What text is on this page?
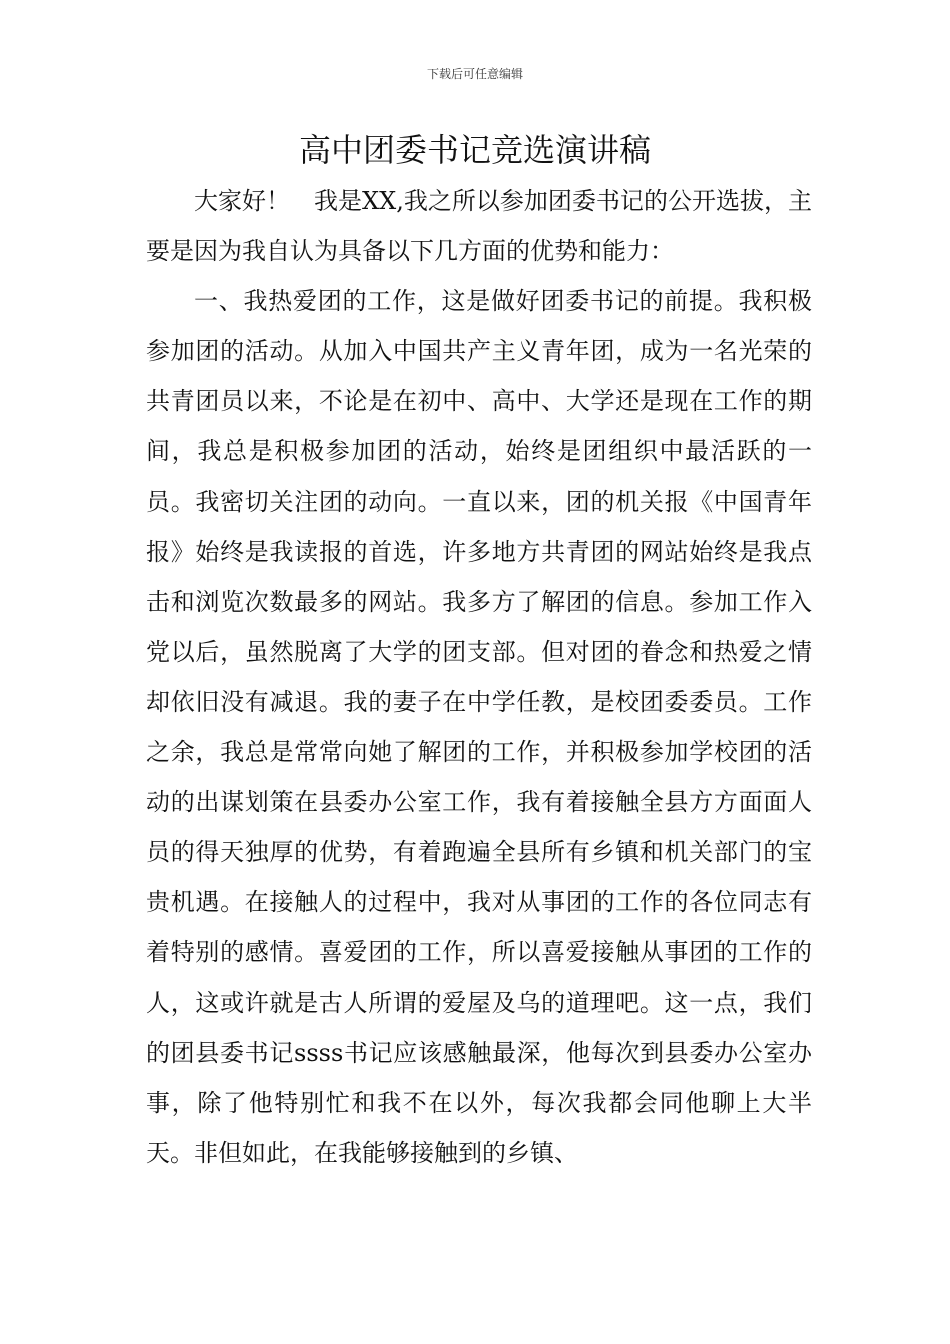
下载后可任意编辑
高中团委书记竞选演讲稿

大家好！　我是XX,我之所以参加团委书记的公开选拔，主要是因为我自认为具备以下几方面的优势和能力：

一、我热爱团的工作，这是做好团委书记的前提。我积极参加团的活动。从加入中国共产主义青年团，成为一名光荣的共青团员以来，不论是在初中、高中、大学还是现在工作的期间，我总是积极参加团的活动，始终是团组织中最活跃的一员。我密切关注团的动向。一直以来，团的机关报《中国青年报》始终是我读报的首选，许多地方共青团的网站始终是我点击和浏览次数最多的网站。我多方了解团的信息。参加工作入党以后，虽然脱离了大学的团支部。但对团的眷念和热爱之情却依旧没有减退。我的妻子在中学任教，是校团委委员。工作之余，我总是常常向她了解团的工作，并积极参加学校团的活动的出谋划策在县委办公室工作，我有着接触全县方方面面人员的得天独厚的优势，有着跑遍全县所有乡镇和机关部门的宝贵机遇。在接触人的过程中，我对从事团的工作的各位同志有着特别的感情。喜爱团的工作，所以喜爱接触从事团的工作的人，这或许就是古人所谓的爱屋及乌的道理吧。这一点，我们的团县委书记ssss书记应该感触最深，他每次到县委办公室办事，除了他特别忙和我不在以外，每次我都会同他聊上大半天。非但如此，在我能够接触到的乡镇、
